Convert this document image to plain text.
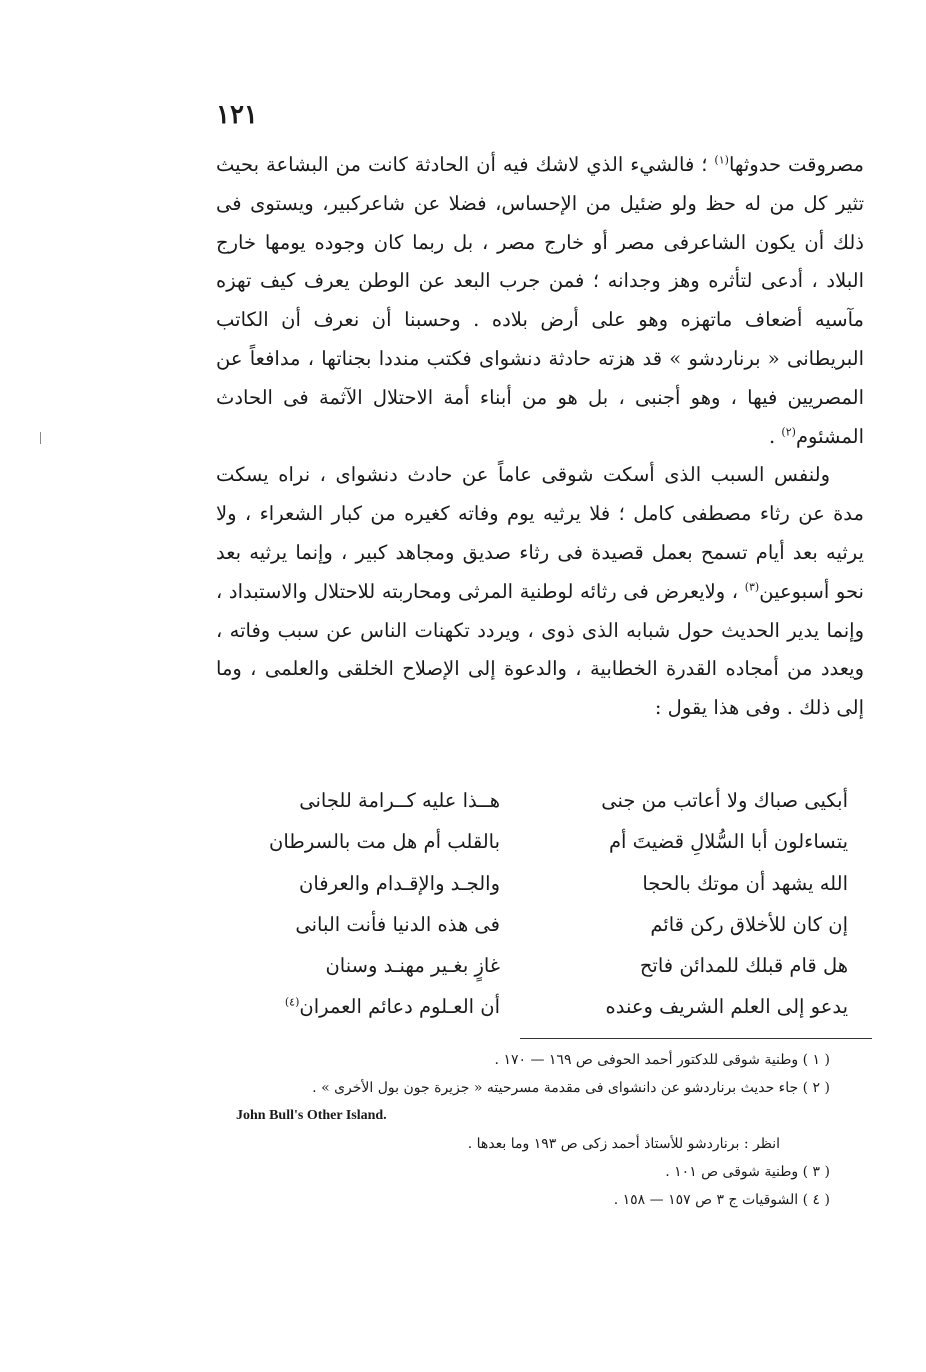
١٢١

مصروقت حدوثها$^{(١)}$ ؛ فالشيء الذي لاشك فيه أن الحادثة كانت من البشاعة بحيث تثير كل من له حظ ولو ضئيل من الإحساس، فضلا عن شاعركبير، ويستوى فى ذلك أن يكون الشاعرفى مصر أو خارج مصر ، بل ربما كان وجوده يومها خارج البلاد ، أدعى لتأثره وهز وجدانه ؛ فمن جرب البعد عن الوطن يعرف كيف تهزه مآسيه أضعاف ماتهزه وهو على أرض بلاده . وحسبنا أن نعرف أن الكاتب البريطانى « برناردشو » قد هزته حادثة دنشواى فكتب منددا بجناتها ، مدافعاً عن المصريين فيها ، وهو أجنبى ، بل هو من أبناء أمة الاحتلال الآثمة فى الحادث المشئوم$^{(٢)}$ .

ولنفس السبب الذى أسكت شوقى عاماً عن حادث دنشواى ، نراه يسكت مدة عن رثاء مصطفى كامل ؛ فلا يرثيه يوم وفاته كغيره من كبار الشعراء ، ولا يرثيه بعد أيام تسمح بعمل قصيدة فى رثاء صديق ومجاهد كبير ، وإنما يرثيه بعد نحو أسبوعين$^{(٣)}$ ، ولايعرض فى رثائه لوطنية المرثى ومحاربته للاحتلال والاستبداد ، وإنما يدير الحديث حول شبابه الذى ذوى ، ويردد تكهنات الناس عن سبب وفاته ، ويعدد من أمجاده القدرة الخطابية ، والدعوة إلى الإصلاح الخلقى والعلمى ، وما إلى ذلك . وفى هذا يقول :

أبكيى صباك ولا أعاتب من جنى
هــذا عليه كــرامة للجانى
يتساءلون أبا السُّلالِ قضيتَ أم
بالقلب أم هل مت بالسرطان
الله يشهد أن موتك بالحجا
والجـد والإقـدام والعرفان
إن كان للأخلاق ركن قائم
فى هذه الدنيا فأنت البانى
هل قام قبلك للمدائن فاتح
غازٍ بغـير مهنـد وسنان
يدعو إلى العلم الشريف وعنده
أن العـلوم دعائم العمران$^{(٤)}$
( ١ ) وطنية شوقى للدكتور أحمد الحوفى ص ١٦٩ — ١٧٠ .
( ٢ ) جاء حديث برناردشو عن دانشواى فى مقدمة مسرحيته « جزيرة جون بول الأخرى » .
John Bull's Other Island.
انظر : برناردشو للأستاذ أحمد زكى ص ١٩٣ وما بعدها .
( ٣ ) وطنية شوقى ص ١٠١ .
( ٤ ) الشوقيات ج ٣ ص ١٥٧ — ١٥٨ .
